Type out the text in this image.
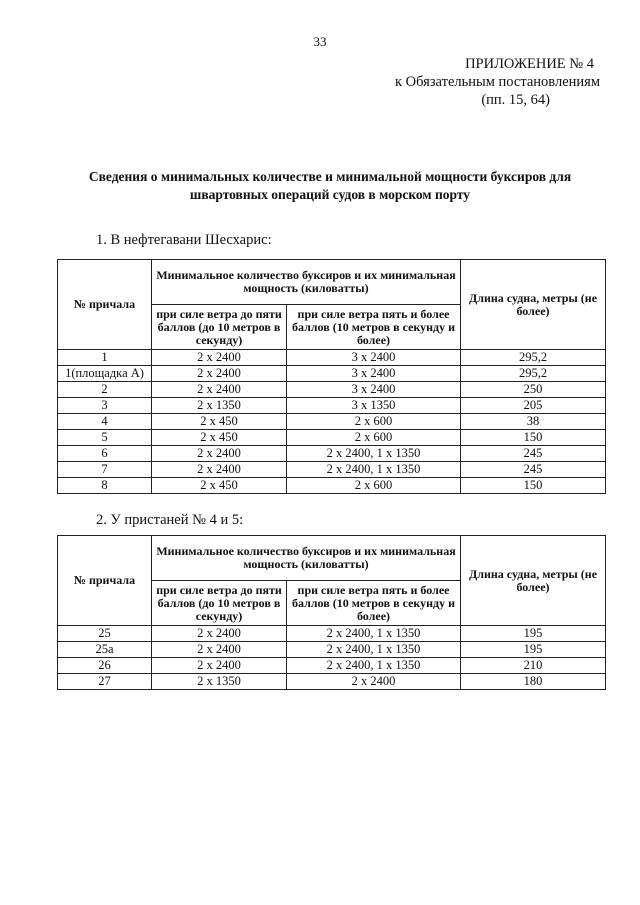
33
ПРИЛОЖЕНИЕ № 4
к Обязательным постановлениям
(пп. 15, 64)
Сведения о минимальных количестве и минимальной мощности буксиров для
швартовных операций судов в морском порту
1. В нефтегавани Шесхарис:
№ причала	Минимальное количество буксиров и их минимальная мощность (киловатты)		Длина судна, метры (не более)
	при силе ветра до пяти баллов (до 10 метров в секунду)	при силе ветра пять и более баллов (10 метров в секунду и более)	
1	2 х 2400	3 х 2400	295,2
1(площадка А)	2 х 2400	3 х 2400	295,2
2	2 х 2400	3 х 2400	250
3	2 х 1350	3 х 1350	205
4	2 х 450	2 х 600	38
5	2 х 450	2 х 600	150
6	2 х 2400	2 х 2400, 1 х 1350	245
7	2 х 2400	2 х 2400, 1 х 1350	245
8	2 х 450	2 х 600	150
2. У пристаней № 4 и 5:
№ причала	Минимальное количество буксиров и их минимальная мощность (киловатты)		Длина судна, метры (не более)
	при силе ветра до пяти баллов (до 10 метров в секунду)	при силе ветра пять и более баллов (10 метров в секунду и более)	
25	2 х 2400	2 х 2400, 1 х 1350	195
25а	2 х 2400	2 х 2400, 1 х 1350	195
26	2 х 2400	2 х 2400, 1 х 1350	210
27	2 х 1350	2 х 2400	180
